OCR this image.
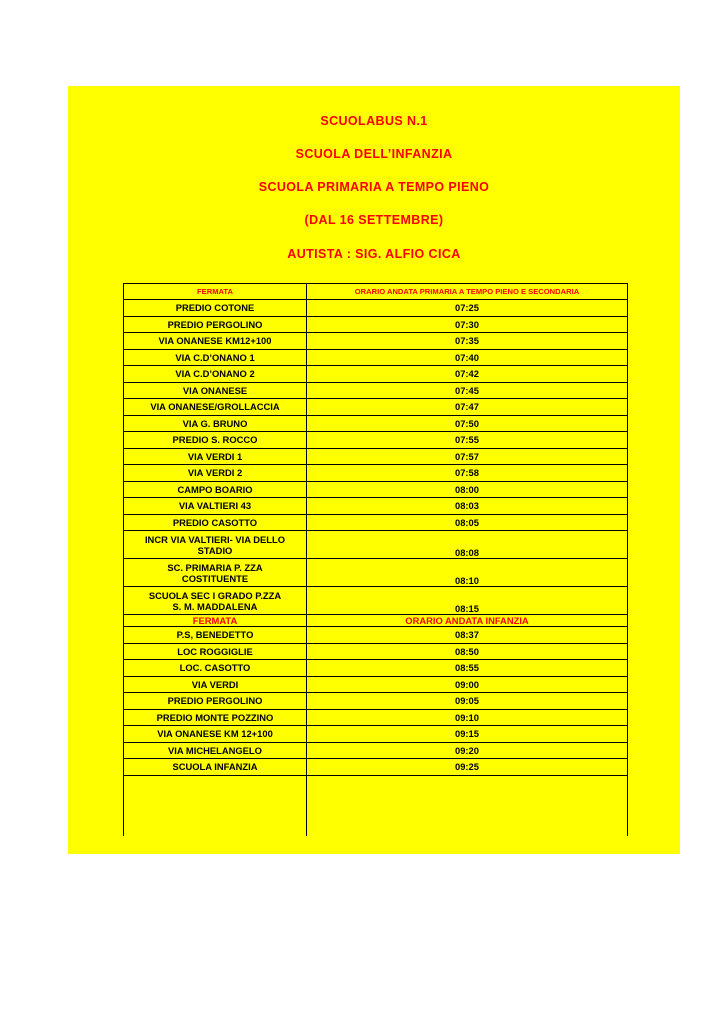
SCUOLABUS N.1
SCUOLA DELL’INFANZIA
SCUOLA PRIMARIA A TEMPO PIENO
(DAL 16 SETTEMBRE)
AUTISTA : SIG. ALFIO CICA
FERMATA	ORARIO ANDATA PRIMARIA A TEMPO PIENO E SECONDARIA
PREDIO COTONE	07:25
PREDIO PERGOLINO	07:30
VIA ONANESE KM12+100	07:35
VIA C.D’ONANO 1	07:40
VIA C.D’ONANO 2	07:42
VIA ONANESE	07:45
VIA ONANESE/GROLLACCIA	07:47
VIA G. BRUNO	07:50
PREDIO S. ROCCO	07:55
VIA VERDI 1	07:57
VIA VERDI 2	07:58
CAMPO BOARIO	08:00
VIA VALTIERI 43	08:03
PREDIO CASOTTO	08:05

INCR VIA VALTIERI- VIA DELLO
STADIO	08:08

SC. PRIMARIA P. ZZA
COSTITUENTE	08:10

SCUOLA SEC I GRADO P.ZZA
S. M. MADDALENA	08:15
FERMATA	ORARIO ANDATA INFANZIA
P.S, BENEDETTO	08:37
LOC ROGGIGLIE	08:50
LOC. CASOTTO	08:55
VIA VERDI	09:00
PREDIO PERGOLINO	09:05
PREDIO MONTE POZZINO	09:10
VIA ONANESE KM 12+100	09:15
VIA MICHELANGELO	09:20
SCUOLA INFANZIA	09:25
